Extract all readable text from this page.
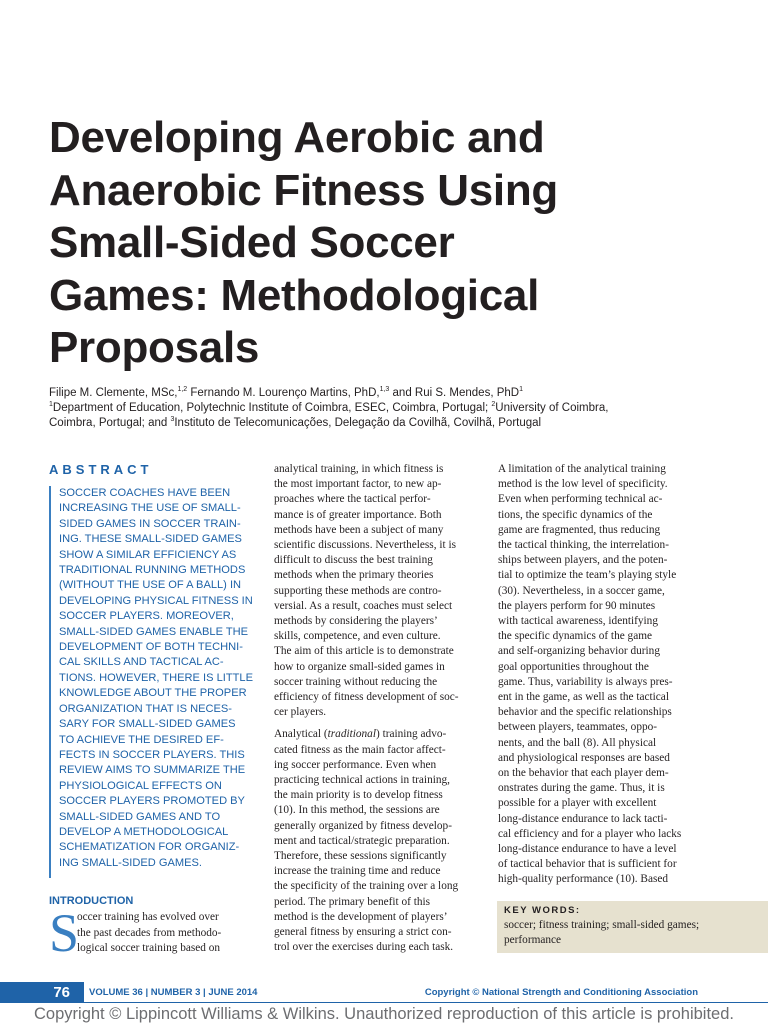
Developing Aerobic and
Anaerobic Fitness Using
Small-Sided Soccer
Games: Methodological
Proposals
Filipe M. Clemente, MSc,$^{1,2}$ Fernando M. Lourenço Martins, PhD,$^{1,3}$ and Rui S. Mendes, PhD$^1$
$^1$Department of Education, Polytechnic Institute of Coimbra, ESEC, Coimbra, Portugal; $^2$University of Coimbra,
Coimbra, Portugal; and $^3$Instituto de Telecomunicações, Delegação da Covilhã, Covilhã, Portugal
ABSTRACT
SOCCER COACHES HAVE BEEN
INCREASING THE USE OF SMALL-
SIDED GAMES IN SOCCER TRAIN-
ING. THESE SMALL-SIDED GAMES
SHOW A SIMILAR EFFICIENCY AS
TRADITIONAL RUNNING METHODS
(WITHOUT THE USE OF A BALL) IN
DEVELOPING PHYSICAL FITNESS IN
SOCCER PLAYERS. MOREOVER,
SMALL-SIDED GAMES ENABLE THE
DEVELOPMENT OF BOTH TECHNI-
CAL SKILLS AND TACTICAL AC-
TIONS. HOWEVER, THERE IS LITTLE
KNOWLEDGE ABOUT THE PROPER
ORGANIZATION THAT IS NECES-
SARY FOR SMALL-SIDED GAMES
TO ACHIEVE THE DESIRED EF-
FECTS IN SOCCER PLAYERS. THIS
REVIEW AIMS TO SUMMARIZE THE
PHYSIOLOGICAL EFFECTS ON
SOCCER PLAYERS PROMOTED BY
SMALL-SIDED GAMES AND TO
DEVELOP A METHODOLOGICAL
SCHEMATIZATION FOR ORGANIZ-
ING SMALL-SIDED GAMES.
INTRODUCTION
S
occer training has evolved over
the past decades from methodo-
logical soccer training based on
analytical training, in which fitness is
the most important factor, to new ap-
proaches where the tactical perfor-
mance is of greater importance. Both
methods have been a subject of many
scientific discussions. Nevertheless, it is
difficult to discuss the best training
methods when the primary theories
supporting these methods are contro-
versial. As a result, coaches must select
methods by considering the players’
skills, competence, and even culture.
The aim of this article is to demonstrate
how to organize small-sided games in
soccer training without reducing the
efficiency of fitness development of soc-
cer players.
Analytical (traditional) training advo-
cated fitness as the main factor affect-
ing soccer performance. Even when
practicing technical actions in training,
the main priority is to develop fitness
(10). In this method, the sessions are
generally organized by fitness develop-
ment and tactical/strategic preparation.
Therefore, these sessions significantly
increase the training time and reduce
the specificity of the training over a long
period. The primary benefit of this
method is the development of players’
general fitness by ensuring a strict con-
trol over the exercises during each task.
A limitation of the analytical training
method is the low level of specificity.
Even when performing technical ac-
tions, the specific dynamics of the
game are fragmented, thus reducing
the tactical thinking, the interrelation-
ships between players, and the poten-
tial to optimize the team’s playing style
(30). Nevertheless, in a soccer game,
the players perform for 90 minutes
with tactical awareness, identifying
the specific dynamics of the game
and self-organizing behavior during
goal opportunities throughout the
game. Thus, variability is always pres-
ent in the game, as well as the tactical
behavior and the specific relationships
between players, teammates, oppo-
nents, and the ball (8). All physical
and physiological responses are based
on the behavior that each player dem-
onstrates during the game. Thus, it is
possible for a player with excellent
long-distance endurance to lack tacti-
cal efficiency and for a player who lacks
long-distance endurance to have a level
of tactical behavior that is sufficient for
high-quality performance (10). Based
KEY WORDS:
soccer; fitness training; small-sided games;
performance
76	VOLUME 36 | NUMBER 3 | JUNE 2014	Copyright © National Strength and Conditioning Association
Copyright © Lippincott Williams & Wilkins. Unauthorized reproduction of this article is prohibited.
